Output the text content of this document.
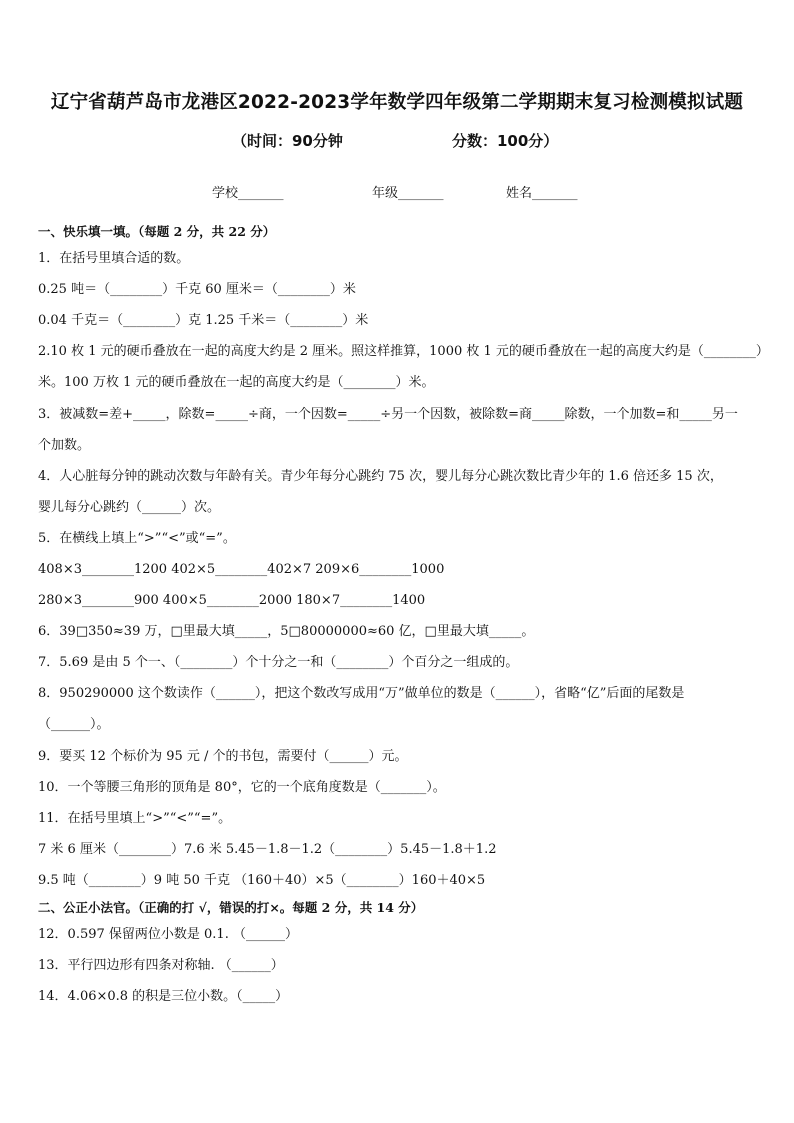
辽宁省葫芦岛市龙港区2022-2023学年数学四年级第二学期期末复习检测模拟试题
（时间：90分钟	分数：100分）
学校_______	年级_______	姓名_______
一、快乐填一填。（每题 2 分，共 22 分）
1．在括号里填合适的数。
0.25 吨＝（________）千克 60 厘米＝（________）米
0.04 千克＝（________）克 1.25 千米＝（________）米
2.10 枚 1 元的硬币叠放在一起的高度大约是 2 厘米。照这样推算，1000 枚 1 元的硬币叠放在一起的高度大约是（________）
米。100 万枚 1 元的硬币叠放在一起的高度大约是（________）米。
3．被减数=差+_____，除数=_____÷商，一个因数=_____÷另一个因数，被除数=商_____除数，一个加数=和_____另一
个加数。
4．人心脏每分钟的跳动次数与年龄有关。青少年每分心跳约 75 次，婴儿每分心跳次数比青少年的 1.6 倍还多 15 次，
婴儿每分心跳约（______）次。
5．在横线上填上“>”“<”或“=”。
408×3________1200 402×5________402×7 209×6________1000
280×3________900 400×5________2000 180×7________1400
6．39□350≈39 万，□里最大填_____，5□80000000≈60 亿，□里最大填_____。
7．5.69 是由 5 个一、（________）个十分之一和（________）个百分之一组成的。
8．950290000 这个数读作（______），把这个数改写成用“万”做单位的数是（______），省略“亿”后面的尾数是
（______）。
9．要买 12 个标价为 95 元 / 个的书包，需要付（______）元。
10．一个等腰三角形的顶角是 80°，它的一个底角度数是（_______）。
11．在括号里填上“>”“<”“=”。
7 米 6 厘米（________）7.6 米 5.45－1.8－1.2（________）5.45－1.8＋1.2
9.5 吨（________）9 吨 50 千克 （160＋40）×5（________）160＋40×5
二、公正小法官。（正确的打 √，错误的打×。每题 2 分，共 14 分）
12．0.597 保留两位小数是 0.1. （______）
13．平行四边形有四条对称轴. （______）
14．4.06×0.8 的积是三位小数。（_____）
